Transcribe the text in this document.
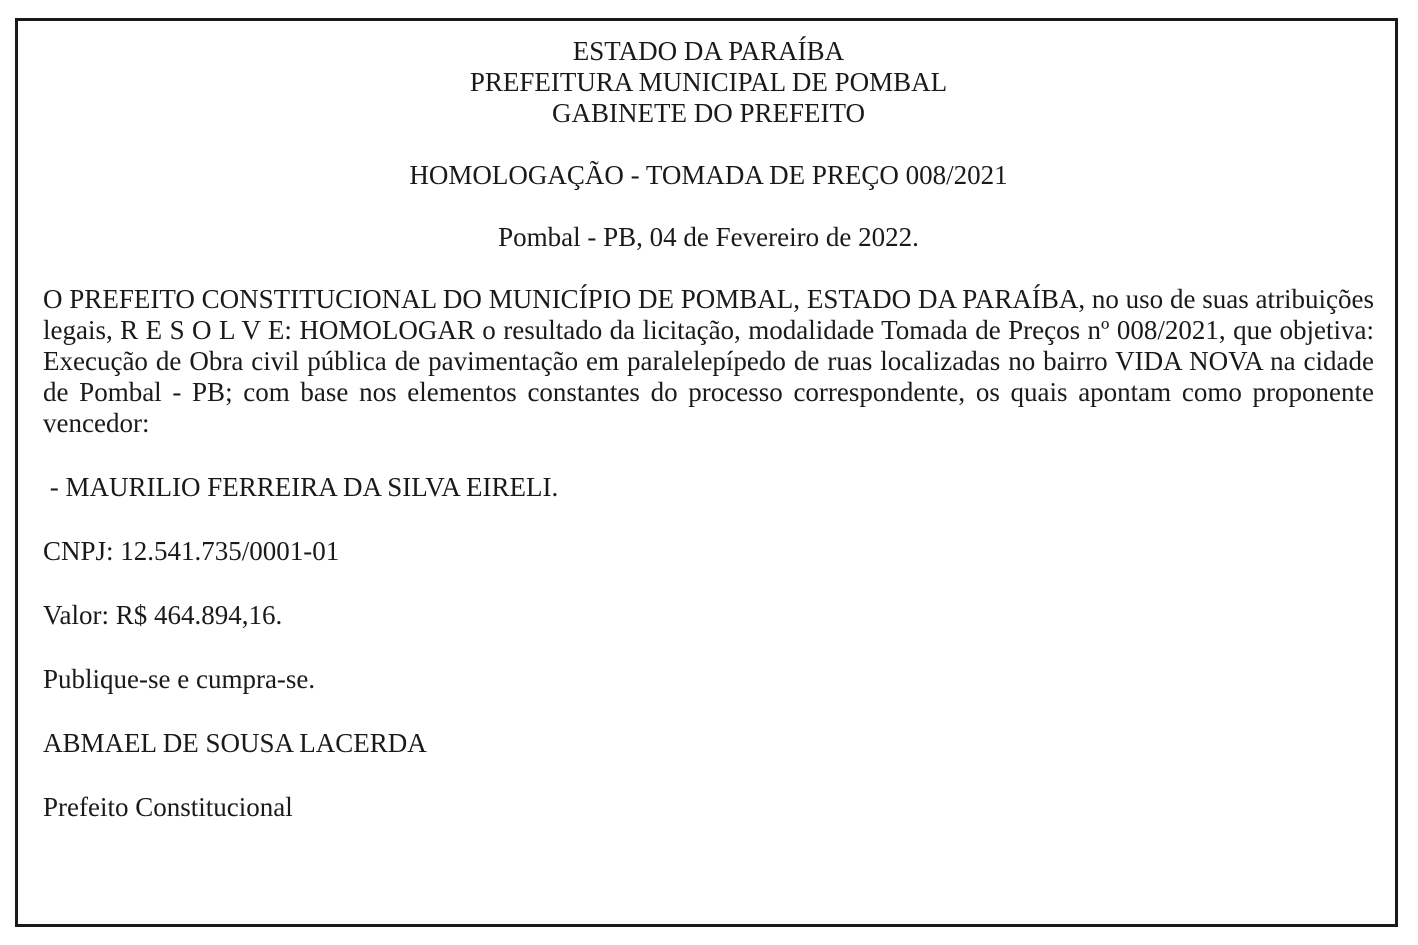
ESTADO DA PARAÍBA

PREFEITURA MUNICIPAL DE POMBAL

GABINETE DO PREFEITO

HOMOLOGAÇÃO - TOMADA DE PREÇO 008/2021

Pombal - PB, 04 de Fevereiro de 2022.

O PREFEITO CONSTITUCIONAL DO MUNICÍPIO DE POMBAL, ESTADO DA PARAÍBA, no uso de suas atribuições legais, R E S O L V E: HOMOLOGAR o resultado da licitação, modalidade Tomada de Preços nº 008/2021, que objetiva: Execução de Obra civil pública de pavimentação em paralelepípedo de ruas localizadas no bairro VIDA NOVA na cidade de Pombal - PB; com base nos elementos constantes do processo correspondente, os quais apontam como proponente vencedor:

- MAURILIO FERREIRA DA SILVA EIRELI.

CNPJ: 12.541.735/0001-01

Valor: R$ 464.894,16.

Publique-se e cumpra-se.

ABMAEL DE SOUSA LACERDA

Prefeito Constitucional
